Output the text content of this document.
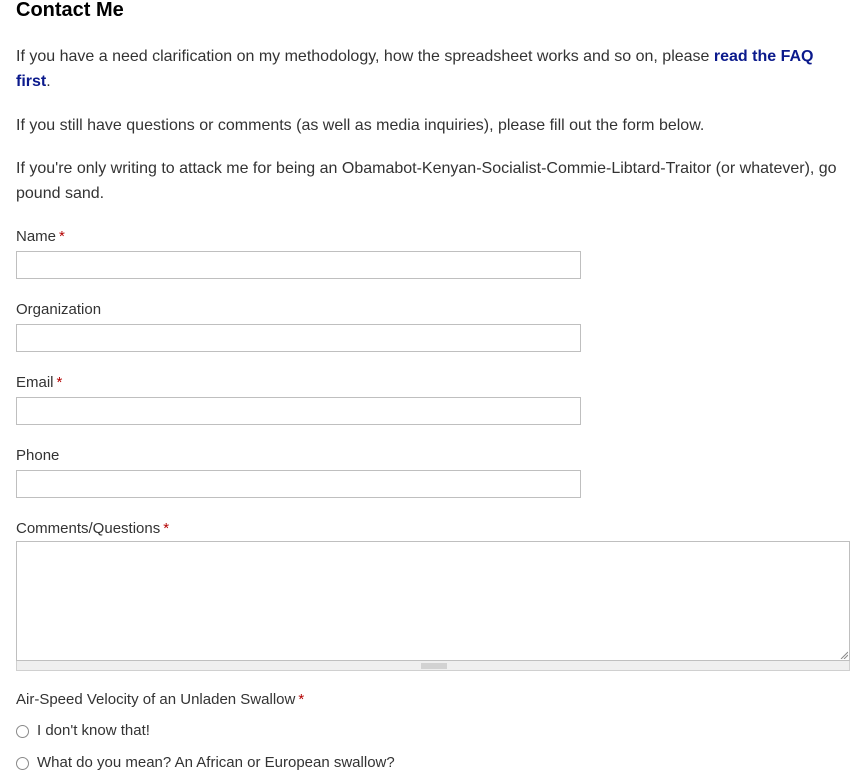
Contact Me

If you have a need clarification on my methodology, how the spreadsheet works and so on, please read the FAQ first.

If you still have questions or comments (as well as media inquiries), please fill out the form below.

If you're only writing to attack me for being an Obamabot-Kenyan-Socialist-Commie-Libtard-Traitor (or whatever), go pound sand.

Name *
Organization
Email *
Phone
Comments/Questions *
Air-Speed Velocity of an Unladen Swallow *
I don't know that!
What do you mean? An African or European swallow?
